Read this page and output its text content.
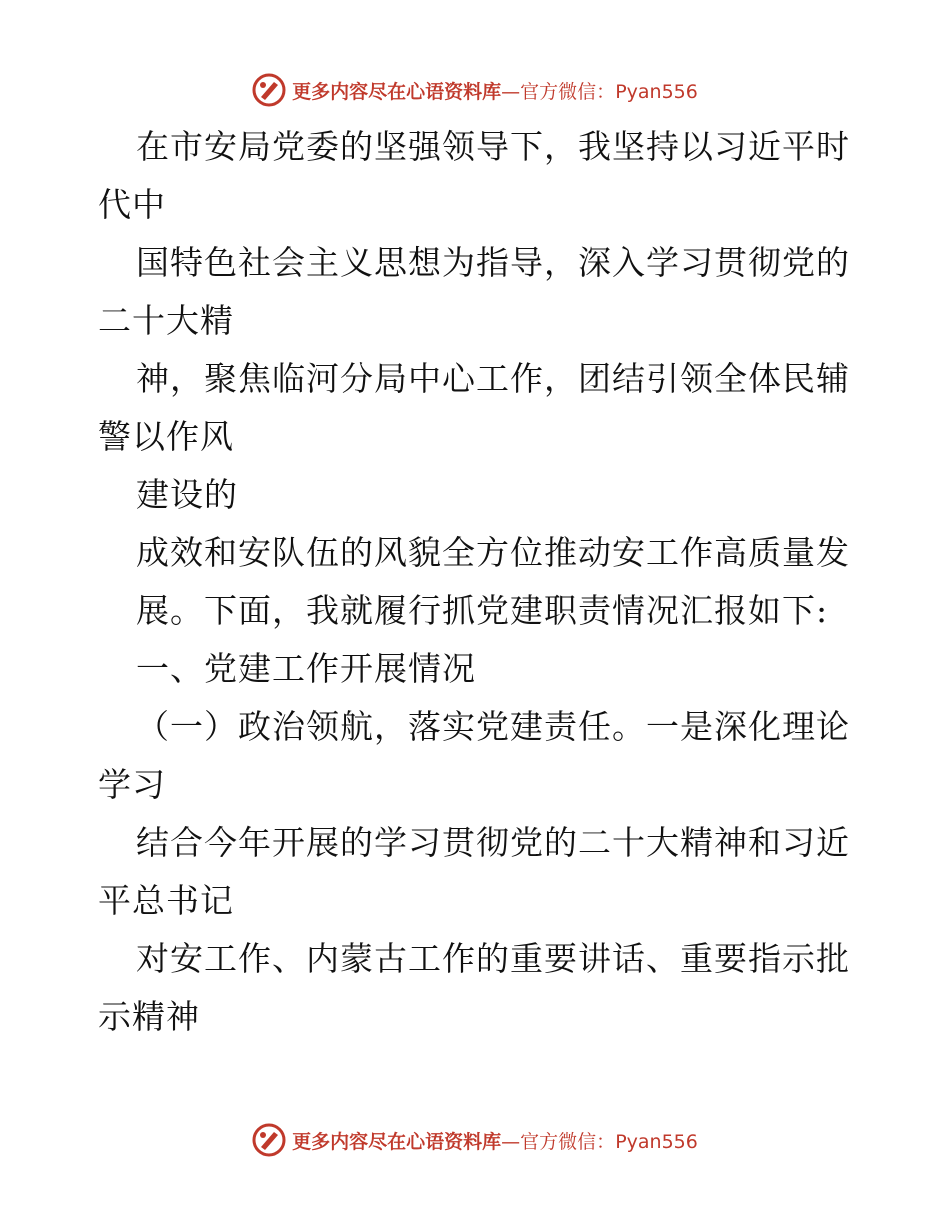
更多内容尽在心语资料库—官方微信：Pyan556
在市安局党委的坚强领导下，我坚持以习近平时
代中
国特色社会主义思想为指导，深入学习贯彻党的
二十大精
神，聚焦临河分局中心工作，团结引领全体民辅
警以作风
建设的
成效和安队伍的风貌全方位推动安工作高质量发
展。下面，我就履行抓党建职责情况汇报如下:
一、党建工作开展情况
（一）政治领航，落实党建责任。一是深化理论
学习
结合今年开展的学习贯彻党的二十大精神和习近
平总书记
对安工作、内蒙古工作的重要讲话、重要指示批
示精神
更多内容尽在心语资料库—官方微信：Pyan556
